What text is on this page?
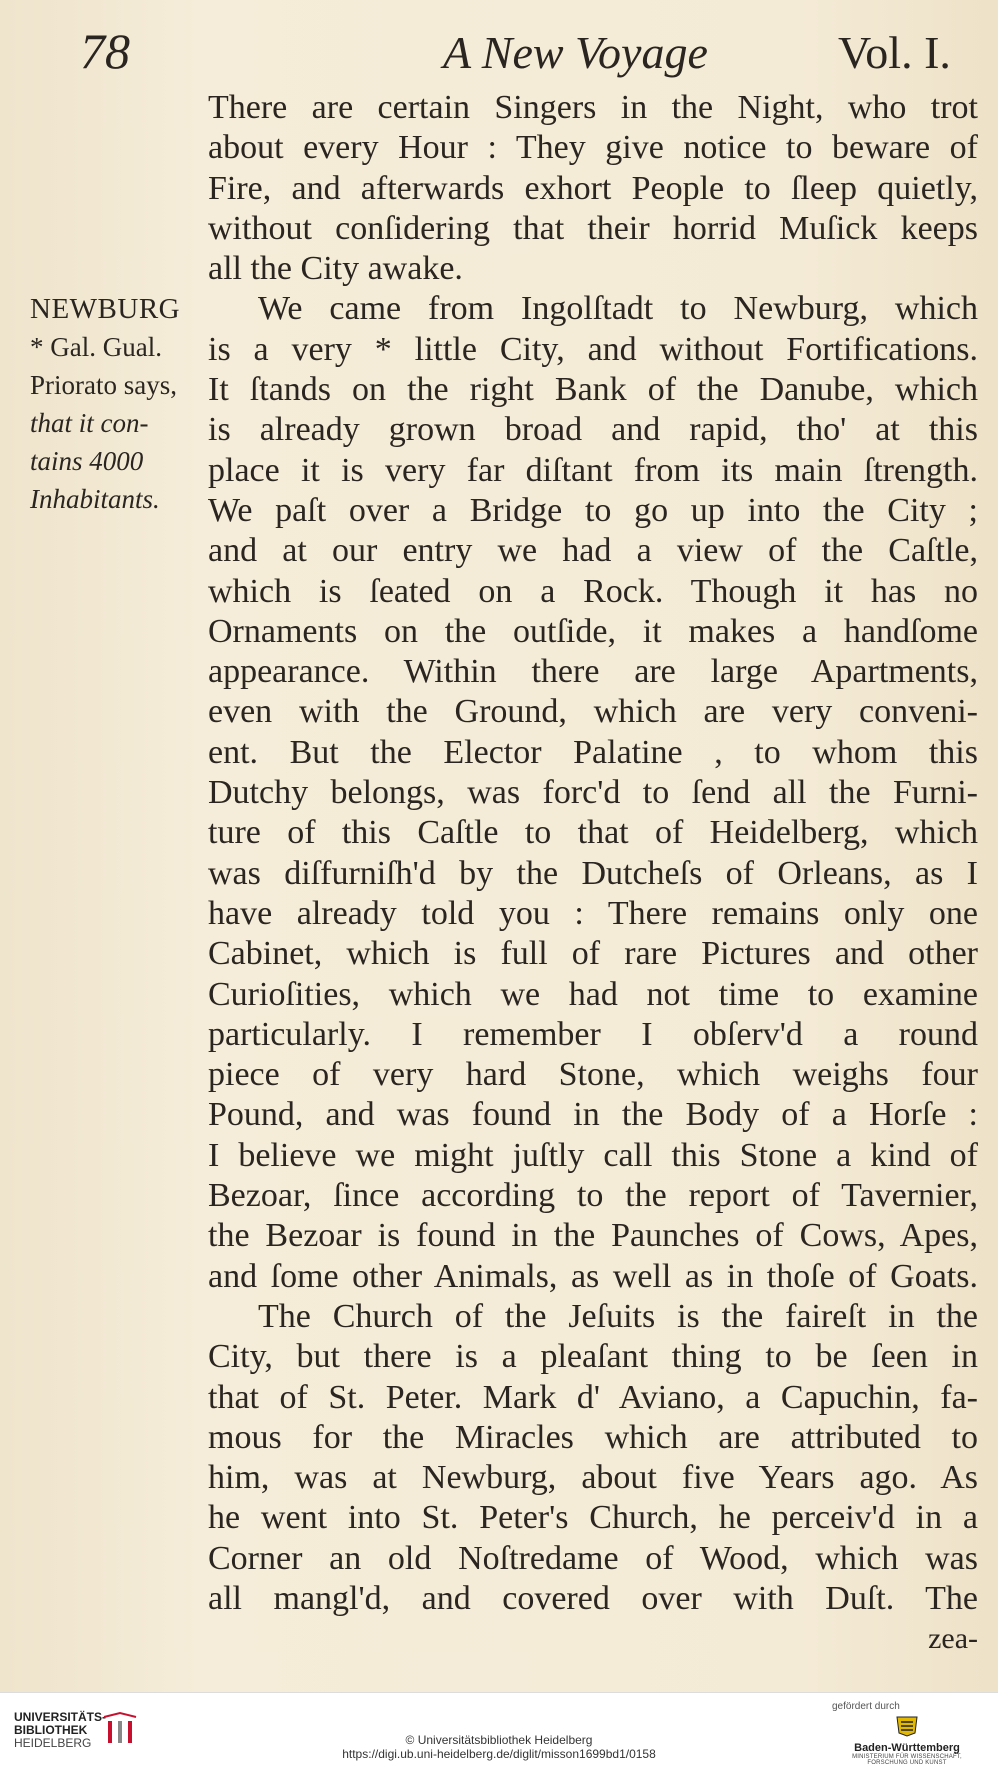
78	A New Voyage	Vol. I.
NEWBURG
* Gal. Gual.
Priorato says,
that it con-
tains 4000
Inhabitants.
There are certain Singers in the Night, who trot
about every Hour : They give notice to beware of
Fire, and afterwards exhort People to ſleep quietly,
without conſidering that their horrid Muſick keeps
all the City awake.
We came from Ingolſtadt to Newburg, which
is a very * little City, and without Fortifications.
It ſtands on the right Bank of the Danube, which
is already grown broad and rapid, tho' at this
place it is very far diſtant from its main ſtrength.
We paſt over a Bridge to go up into the City ;
and at our entry we had a view of the Caſtle,
which is ſeated on a Rock. Though it has no
Ornaments on the outſide, it makes a handſome
appearance. Within there are large Apartments,
even with the Ground, which are very conveni-
ent. But the Elector Palatine , to whom this
Dutchy belongs, was forc'd to ſend all the Furni-
ture of this Caſtle to that of Heidelberg, which
was diſfurniſh'd by the Dutcheſs of Orleans, as I
have already told you : There remains only one
Cabinet, which is full of rare Pictures and other
Curioſities, which we had not time to examine
particularly. I remember I obſerv'd a round
piece of very hard Stone, which weighs four
Pound, and was found in the Body of a Horſe :
I believe we might juſtly call this Stone a kind of
Bezoar, ſince according to the report of Tavernier,
the Bezoar is found in the Paunches of Cows, Apes,
and ſome other Animals, as well as in thoſe of Goats.
The Church of the Jeſuits is the faireſt in the
City, but there is a pleaſant thing to be ſeen in
that of St. Peter. Mark d' Aviano, a Capuchin, fa-
mous for the Miracles which are attributed to
him, was at Newburg, about five Years ago. As
he went into St. Peter's Church, he perceiv'd in a
Corner an old Noſtredame of Wood, which was
all mangl'd, and covered over with Duſt. The
zea-
UNIVERSITÄTS-
BIBLIOTHEK
HEIDELBERG	© Universitätsbibliothek Heidelberg
https://digi.ub.uni-heidelberg.de/diglit/misson1699bd1/0158
gefördert durch
Baden-Württemberg
MINISTERIUM FÜR WISSENSCHAFT, FORSCHUNG UND KUNST
